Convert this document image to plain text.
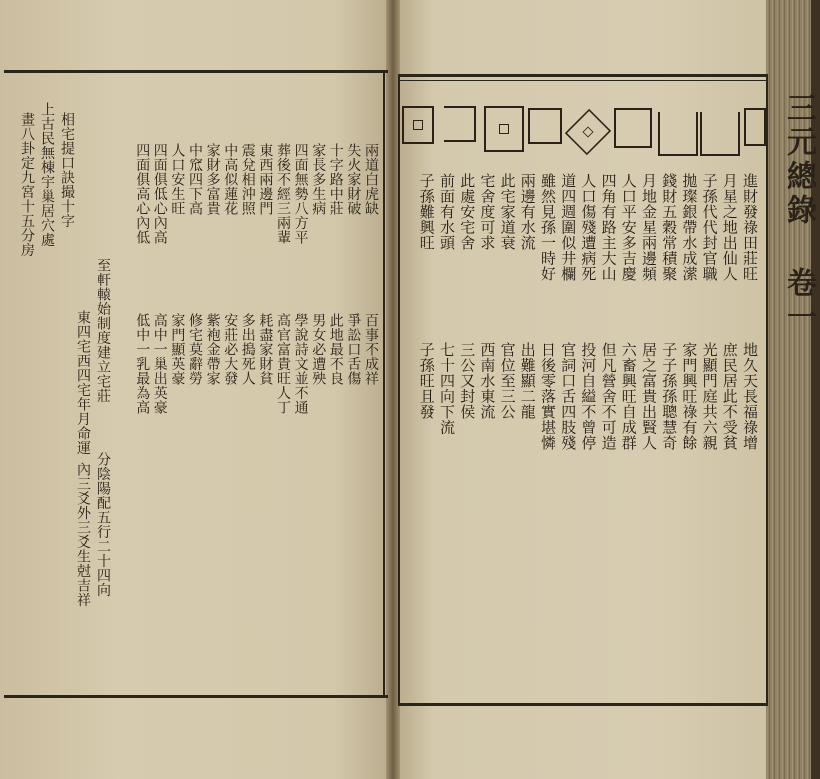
三元總錄 卷一
進財發祿田莊旺
月星之地出仙人
子孫代代封官職
拋璨銀帶水成潆
錢財五穀常積聚
月地金星兩邊頻
人口平安多吉慶
四角有路主大山
人口傷殘遭病死
道四週圍似井欄
雖然見孫一時好
兩邊有水流
此宅家道衰
宅舍度可求
此處安宅舍
前面有水頭
子孫難興旺
地久天長福祿增
庶民居此不受貧
光顯門庭共六親
家門興旺祿有餘
子子孫孫聰慧奇
居之富貴出賢人
六畜興旺自成群
但凡營舍不可造
投河自縊不曾停
官詞口舌四肢殘
日後零落實堪憐
出難顯二龍
官位至三公
西南水東流
三公又封侯
七十四向下流
子孫旺且發
兩道白虎缺
失火家財破
十字路中莊
家長多生病
四面無勢八方平
葬後不經三兩輩
東西兩邊門
震兌相沖照
中高似蓮花
家財多富貴
中窊四下高
人口安生旺
四面俱低心內高
四面俱高心內低
百事不成祥
爭訟口舌傷
此地最不良
男女必遭殃
學說詩文並不通
高官富貴旺人丁
耗盡家財貧
多出搗死人
安莊必大發
紫袍金帶家
修宅莫辭勞
家門顯英豪
高中一巢出英豪
低中一乳最為高
相宅提口訣撮十字
上古民無棟宇巢居穴處
畫八卦定九宮十五分房
至軒轅始制度建立宅莊
東四宅西四宅年月命運
分陰陽配五行二十四向
內三爻外三爻生尅吉祥
